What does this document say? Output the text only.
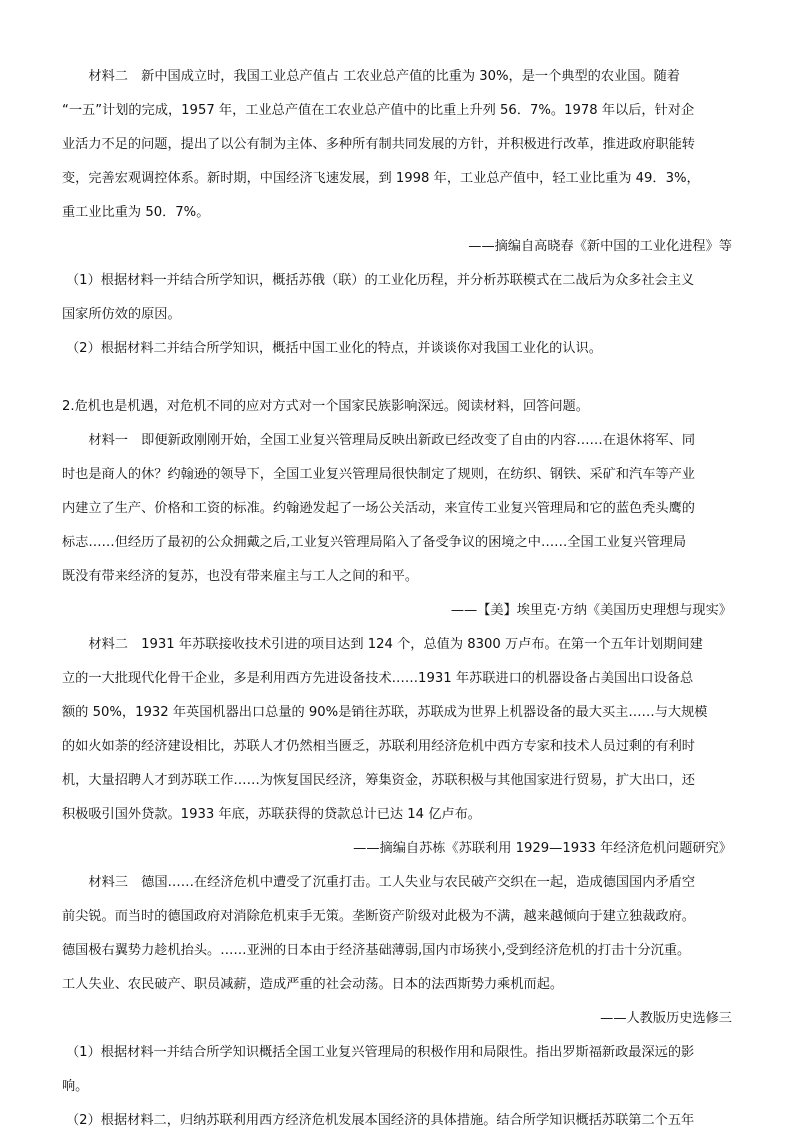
材料二　新中国成立时，我国工业总产值占 工农业总产值的比重为 30%，是一个典型的农业国。随着

“一五”计划的完成，1957 年，工业总产值在工农业总产值中的比重上升列 56．7%。1978 年以后，针对企

业活力不足的问题，提出了以公有制为主体、多种所有制共同发展的方针，并积极进行改革，推进政府职能转

变，完善宏观调控体系。新时期，中国经济飞速发展，到 1998 年，工业总产值中，轻工业比重为 49．3%，

重工业比重为 50．7%。

——摘编自高晓春《新中国的工业化进程》等

（1）根据材料一并结合所学知识，概括苏俄（联）的工业化历程，并分析苏联模式在二战后为众多社会主义

国家所仿效的原因。

（2）根据材料二并结合所学知识，概括中国工业化的特点，并谈谈你对我国工业化的认识。

2.危机也是机遇，对危机不同的应对方式对一个国家民族影响深远。阅读材料，回答问题。

材料一　即便新政刚刚开始，全国工业复兴管理局反映出新政已经改变了自由的内容……在退休将军、同

时也是商人的休？约翰逊的领导下，全国工业复兴管理局很快制定了规则，在纺织、钢铁、采矿和汽车等产业

内建立了生产、价格和工资的标准。约翰逊发起了一场公关活动，来宣传工业复兴管理局和它的蓝色秃头鹰的

标志……但经历了最初的公众拥戴之后,工业复兴管理局陷入了备受争议的困境之中……全国工业复兴管理局

既没有带来经济的复苏，也没有带来雇主与工人之间的和平。

——【美】埃里克·方纳《美国历史理想与现实》

材料二　1931 年苏联接收技术引进的项目达到 124 个，总值为 8300 万卢布。在第一个五年计划期间建

立的一大批现代化骨干企业，多是利用西方先进设备技术……1931 年苏联进口的机器设备占美国出口设备总

额的 50%，1932 年英国机器出口总量的 90%是销往苏联，苏联成为世界上机器设备的最大买主……与大规模

的如火如荼的经济建设相比，苏联人才仍然相当匮乏，苏联利用经济危机中西方专家和技术人员过剩的有利时

机，大量招聘人才到苏联工作……为恢复国民经济，筹集资金，苏联积极与其他国家进行贸易，扩大出口，还

积极吸引国外贷款。1933 年底，苏联获得的贷款总计已达 14 亿卢布。

——摘编自苏栋《苏联利用 1929—1933 年经济危机问题研究》

材料三　德国……在经济危机中遭受了沉重打击。工人失业与农民破产交织在一起，造成德国国内矛盾空

前尖锐。而当时的德国政府对消除危机束手无策。垄断资产阶级对此极为不满，越来越倾向于建立独裁政府。

德国极右翼势力趁机抬头。……亚洲的日本由于经济基础薄弱,国内市场狭小,受到经济危机的打击十分沉重。

工人失业、农民破产、职员减薪，造成严重的社会动荡。日本的法西斯势力乘机而起。

——人教版历史选修三

（1）根据材料一并结合所学知识概括全国工业复兴管理局的积极作用和局限性。指出罗斯福新政最深远的影

响。

（2）根据材料二，归纳苏联利用西方经济危机发展本国经济的具体措施。结合所学知识概括苏联第二个五年
